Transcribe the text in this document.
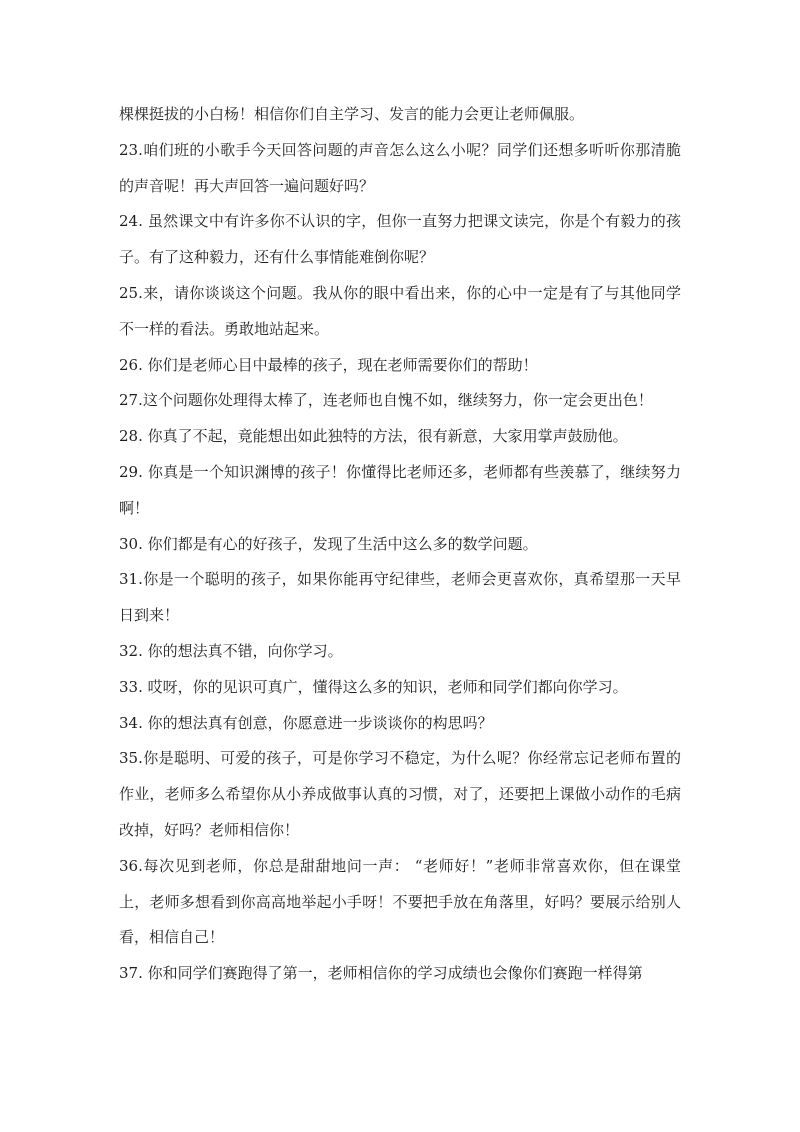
棵棵挺拔的小白杨！相信你们自主学习、发言的能力会更让老师佩服。

23.咱们班的小歌手今天回答问题的声音怎么这么小呢？同学们还想多听听你那清脆的声音呢！再大声回答一遍问题好吗？

24. 虽然课文中有许多你不认识的字，但你一直努力把课文读完，你是个有毅力的孩子。有了这种毅力，还有什么事情能难倒你呢？

25.来，请你谈谈这个问题。我从你的眼中看出来，你的心中一定是有了与其他同学不一样的看法。勇敢地站起来。

26. 你们是老师心目中最棒的孩子，现在老师需要你们的帮助！

27.这个问题你处理得太棒了，连老师也自愧不如，继续努力，你一定会更出色！

28. 你真了不起，竟能想出如此独特的方法，很有新意，大家用掌声鼓励他。

29. 你真是一个知识渊博的孩子！你懂得比老师还多，老师都有些羡慕了，继续努力啊！

30. 你们都是有心的好孩子，发现了生活中这么多的数学问题。

31.你是一个聪明的孩子，如果你能再守纪律些，老师会更喜欢你，真希望那一天早日到来！

32. 你的想法真不错，向你学习。

33. 哎呀，你的见识可真广，懂得这么多的知识，老师和同学们都向你学习。

34. 你的想法真有创意，你愿意进一步谈谈你的构思吗？

35.你是聪明、可爱的孩子，可是你学习不稳定，为什么呢？你经常忘记老师布置的作业，老师多么希望你从小养成做事认真的习惯，对了，还要把上课做小动作的毛病改掉，好吗？老师相信你！

36.每次见到老师，你总是甜甜地问一声： “老师好！”老师非常喜欢你，但在课堂上，老师多想看到你高高地举起小手呀！不要把手放在角落里，好吗？要展示给别人看，相信自己！

37. 你和同学们赛跑得了第一，老师相信你的学习成绩也会像你们赛跑一样得第
